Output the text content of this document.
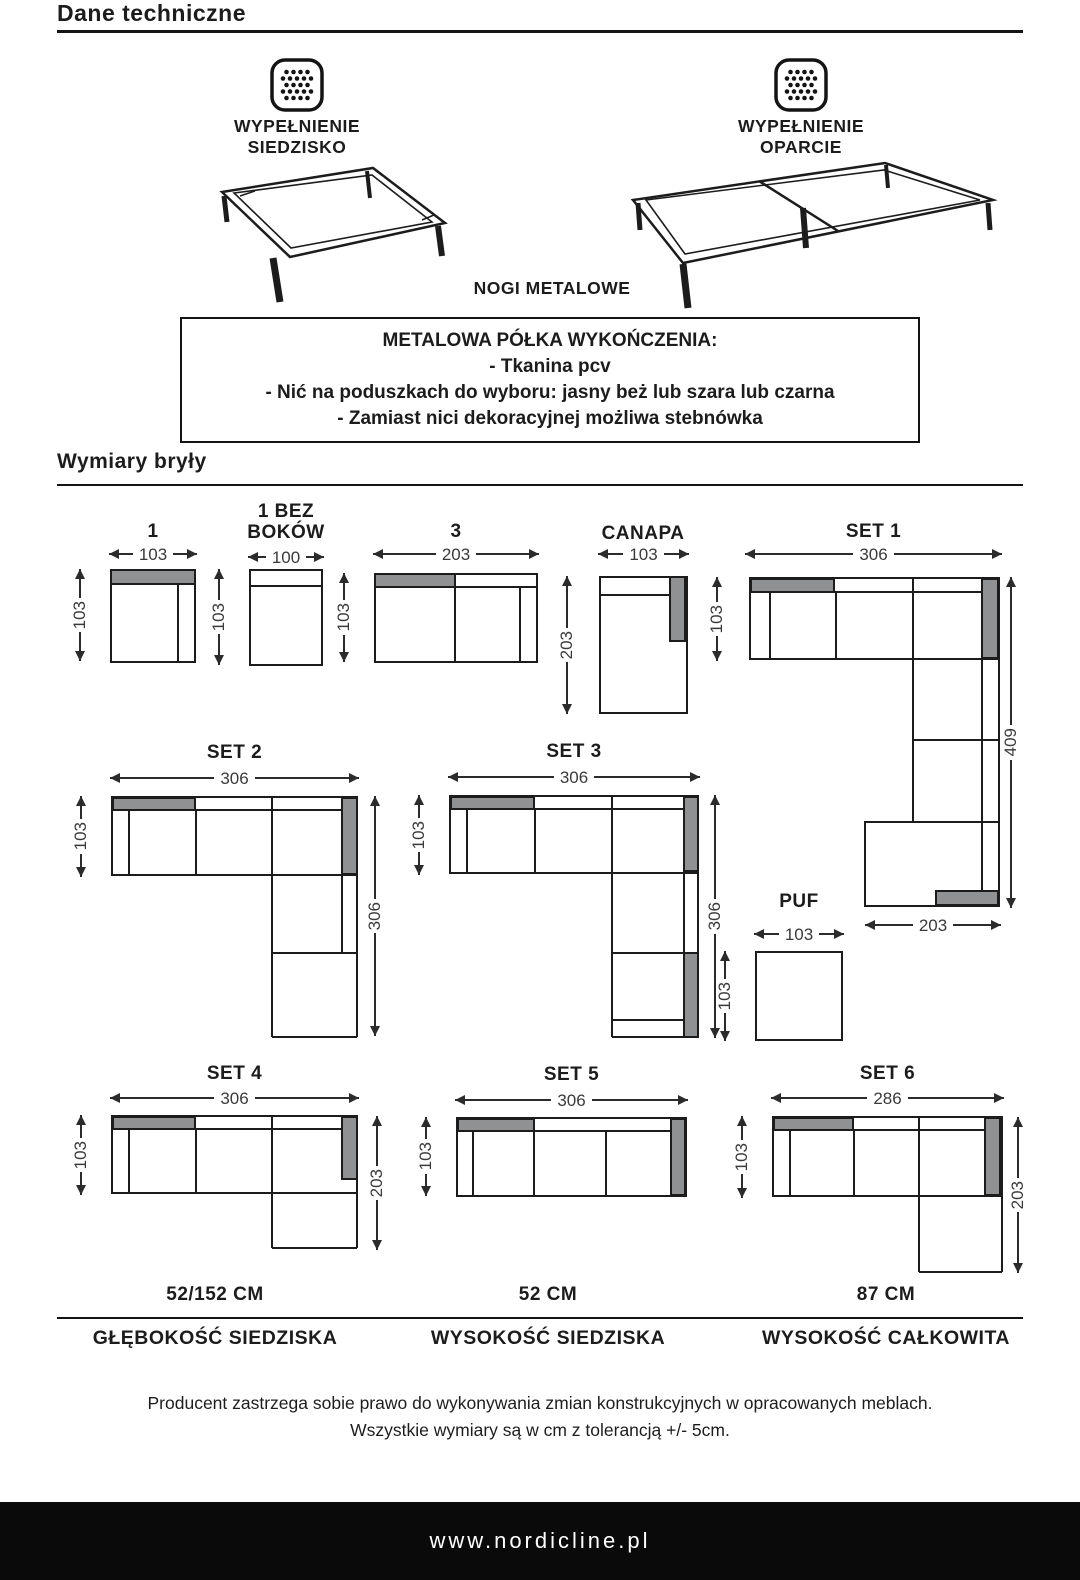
Dane techniczne
WYPEŁNIENIE
SIEDZISKO
WYPEŁNIENIE
OPARCIE
NOGI METALOWE
METALOWA PÓŁKA WYKOŃCZENIA:
- Tkanina pcv
- Nić na poduszkach do wyboru: jasny beż lub szara lub czarna
- Zamiast nici dekoracyjnej możliwa stebnówka
Wymiary bryły
1
103
103
1 BEZ
BOKÓW
100
103
3
203
103
CANAPA
103
203
SET 1
306
103
203
409
SET 2
306
103
306
SET 3
306
103
306
PUF
103
103
SET 4
306
103
203
SET 5
306
103
SET 6
286
103
203
52/152 CM	52 CM	87 CM
GŁĘBOKOŚĆ SIEDZISKA	WYSOKOŚĆ SIEDZISKA	WYSOKOŚĆ CAŁKOWITA
Producent zastrzega sobie prawo do wykonywania zmian konstrukcyjnych w opracowanych meblach.
Wszystkie wymiary są w cm z tolerancją +/- 5cm.
www.nordicline.pl
